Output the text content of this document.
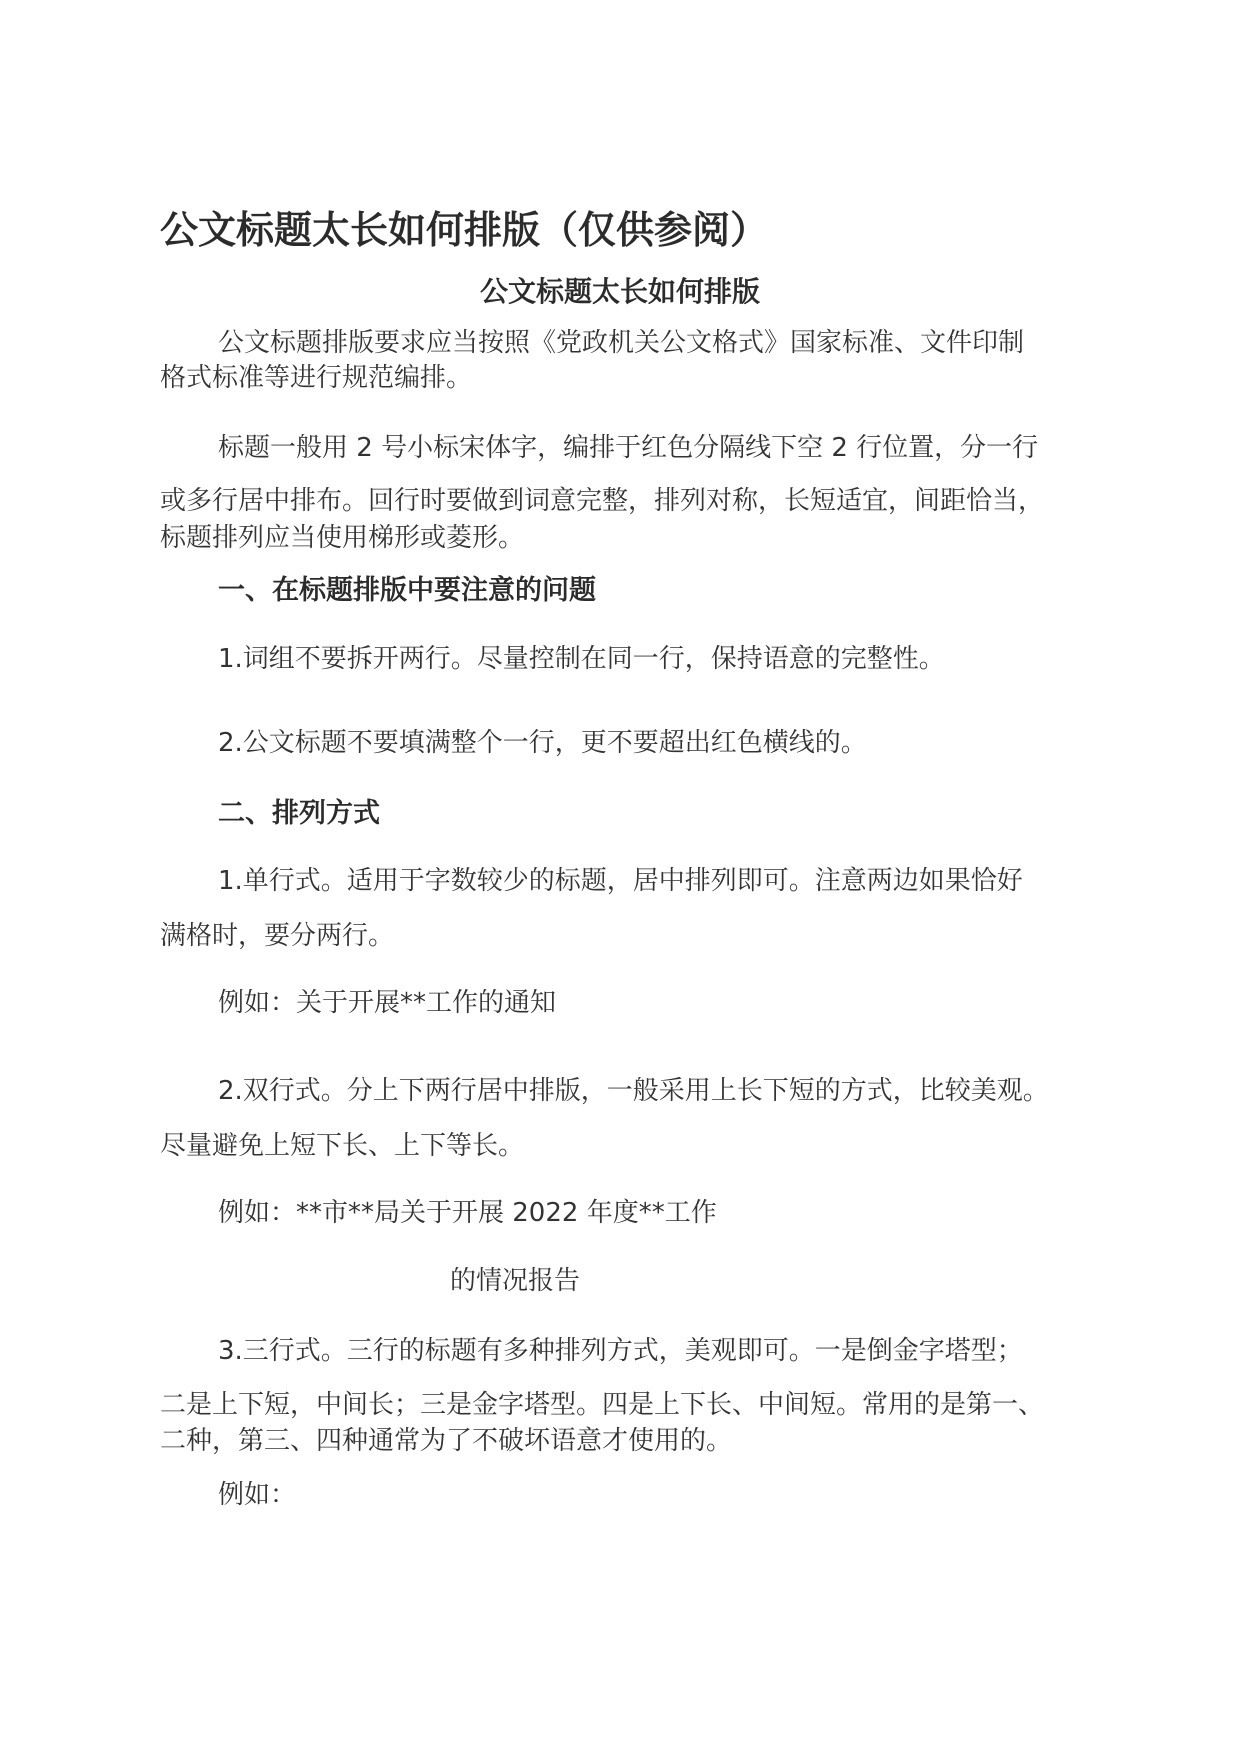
公文标题太长如何排版（仅供参阅）
公文标题太长如何排版
公文标题排版要求应当按照《党政机关公文格式》国家标准、文件印制
格式标准等进行规范编排。
标题一般用 2 号小标宋体字，编排于红色分隔线下空 2 行位置，分一行
或多行居中排布。回行时要做到词意完整，排列对称，长短适宜，间距恰当，
标题排列应当使用梯形或菱形。
一、在标题排版中要注意的问题
1.词组不要拆开两行。尽量控制在同一行，保持语意的完整性。
2.公文标题不要填满整个一行，更不要超出红色横线的。
二、排列方式
1.单行式。适用于字数较少的标题，居中排列即可。注意两边如果恰好
满格时，要分两行。
例如：关于开展**工作的通知
2.双行式。分上下两行居中排版，一般采用上长下短的方式，比较美观。
尽量避免上短下长、上下等长。
例如：**市**局关于开展 2022 年度**工作
的情况报告
3.三行式。三行的标题有多种排列方式，美观即可。一是倒金字塔型；
二是上下短，中间长；三是金字塔型。四是上下长、中间短。常用的是第一、
二种，第三、四种通常为了不破坏语意才使用的。
例如：
